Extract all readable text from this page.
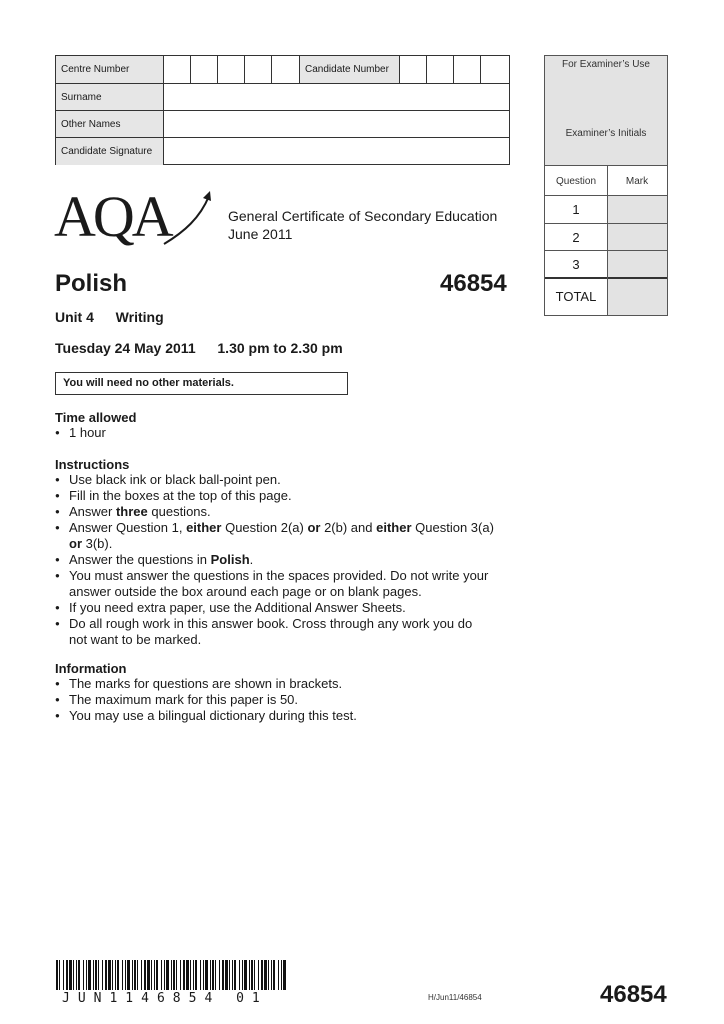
Centre Number	Candidate Number
Surname
Other Names
Candidate Signature
For Examiner’s Use
Examiner’s Initials
Question	Mark
1
2
3
TOTAL
AQA	General Certificate of Secondary Education
June 2011
Polish	46854
Unit 4 Writing
Tuesday 24 May 2011 1.30 pm to 2.30 pm
You will need no other materials.
Time allowed
● 1 hour
Instructions
● Use black ink or black ball-point pen.
● Fill in the boxes at the top of this page.
● Answer three questions.
● Answer Question 1, either Question 2(a) or 2(b) and either Question 3(a)
or 3(b).
● Answer the questions in Polish.
● You must answer the questions in the spaces provided. Do not write your
answer outside the box around each page or on blank pages.
● If you need extra paper, use the Additional Answer Sheets.
● Do all rough work in this answer book. Cross through any work you do
not want to be marked.
Information
● The marks for questions are shown in brackets.
● The maximum mark for this paper is 50.
● You may use a bilingual dictionary during this test.
JUN1146854 01	H/Jun11/46854	46854
